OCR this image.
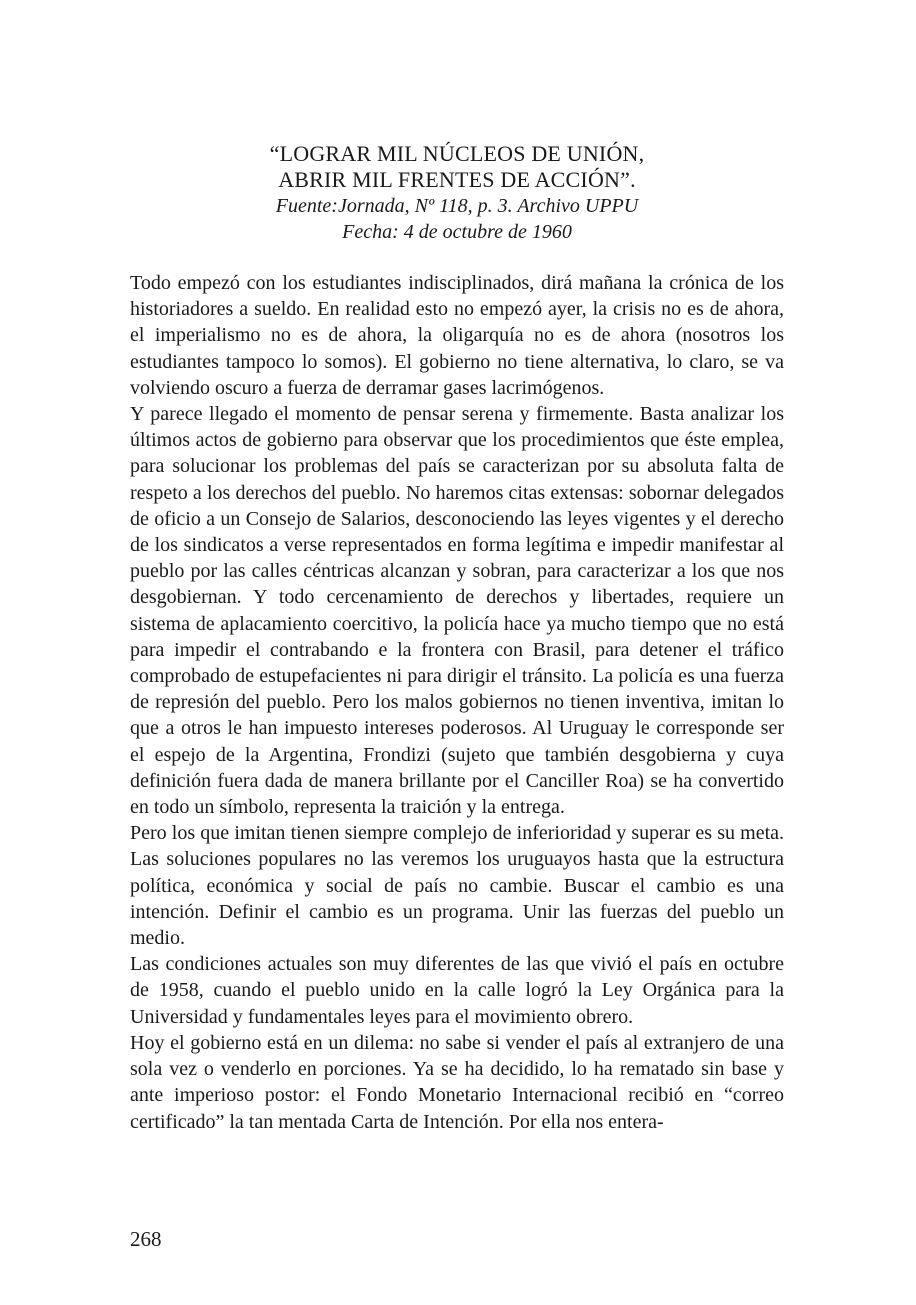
“LOGRAR MIL NÚCLEOS DE UNIÓN,
ABRIR MIL FRENTES DE ACCIÓN”.
Fuente:Jornada, Nº 118, p. 3. Archivo UPPU
Fecha: 4 de octubre de 1960

Todo empezó con los estudiantes indisciplinados, dirá mañana la crónica de los historiadores a sueldo. En realidad esto no empezó ayer, la crisis no es de ahora, el imperialismo no es de ahora, la oligarquía no es de ahora (nosotros los estudiantes tampoco lo somos). El gobierno no tiene alternativa, lo claro, se va volviendo oscuro a fuerza de derramar gases lacrimógenos.

Y parece llegado el momento de pensar serena y firmemente. Basta analizar los últimos actos de gobierno para observar que los procedimientos que éste emplea, para solucionar los problemas del país se caracterizan por su absoluta falta de respeto a los derechos del pueblo. No haremos citas extensas: sobornar delegados de oficio a un Consejo de Salarios, desconociendo las leyes vigentes y el derecho de los sindicatos a verse representados en forma legítima e impedir manifestar al pueblo por las calles céntricas alcanzan y sobran, para caracterizar a los que nos desgobiernan. Y todo cercenamiento de derechos y libertades, requiere un sistema de aplacamiento coercitivo, la policía hace ya mucho tiempo que no está para impedir el contrabando e la frontera con Brasil, para detener el tráfico comprobado de estupefacientes ni para dirigir el tránsito. La policía es una fuerza de represión del pueblo. Pero los malos gobiernos no tienen inventiva, imitan lo que a otros le han impuesto intereses poderosos. Al Uruguay le corresponde ser el espejo de la Argentina, Frondizi (sujeto que también desgobierna y cuya definición fuera dada de manera brillante por el Canciller Roa) se ha convertido en todo un símbolo, representa la traición y la entrega.

Pero los que imitan tienen siempre complejo de inferioridad y superar es su meta. Las soluciones populares no las veremos los uruguayos hasta que la estructura política, económica y social de país no cambie. Buscar el cambio es una intención. Definir el cambio es un programa. Unir las fuerzas del pueblo un medio.

Las condiciones actuales son muy diferentes de las que vivió el país en octubre de 1958, cuando el pueblo unido en la calle logró la Ley Orgánica para la Universidad y fundamentales leyes para el movimiento obrero.

Hoy el gobierno está en un dilema: no sabe si vender el país al extranjero de una sola vez o venderlo en porciones. Ya se ha decidido, lo ha rematado sin base y ante imperioso postor: el Fondo Monetario Internacional recibió en “correo certificado” la tan mentada Carta de Intención. Por ella nos entera-

268
